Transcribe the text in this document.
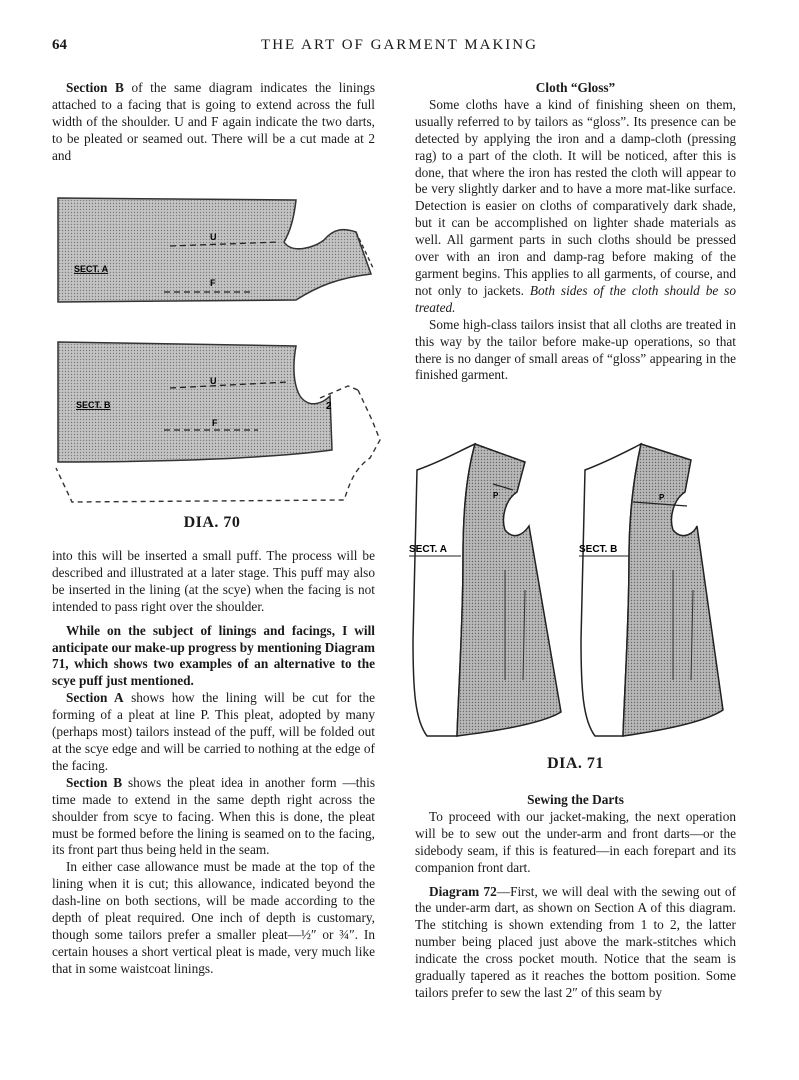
64	THE ART OF GARMENT MAKING

Section B of the same diagram indicates the linings attached to a facing that is going to extend across the full width of the shoulder. U and F again indicate the two darts, to be pleated or seamed out. There will be a cut made at 2 and

U
F
SECT. A
U
F
SECT. B	2
DIA. 70

into this will be inserted a small puff. The process will be described and illustrated at a later stage. This puff may also be inserted in the lining (at the scye) when the facing is not intended to pass right over the shoulder.

While on the subject of linings and facings, I will anticipate our make-up progress by mentioning Diagram 71, which shows two examples of an alternative to the scye puff just mentioned.

Section A shows how the lining will be cut for the forming of a pleat at line P. This pleat, adopted by many (perhaps most) tailors instead of the puff, will be folded out at the scye edge and will be carried to nothing at the edge of the facing.

Section B shows the pleat idea in another form —this time made to extend in the same depth right across the shoulder from scye to facing. When this is done, the pleat must be formed before the lining is seamed on to the facing, its front part thus being held in the seam.

In either case allowance must be made at the top of the lining when it is cut; this allowance, indicated beyond the dash-line on both sections, will be made according to the depth of pleat required. One inch of depth is customary, though some tailors prefer a smaller pleat—½″ or ¾″. In certain houses a short vertical pleat is made, very much like that in some waistcoat linings.

Cloth “Gloss”

Some cloths have a kind of finishing sheen on them, usually referred to by tailors as “gloss”. Its presence can be detected by applying the iron and a damp-cloth (pressing rag) to a part of the cloth. It will be noticed, after this is done, that where the iron has rested the cloth will appear to be very slightly darker and to have a more mat-like surface. Detection is easier on cloths of comparatively dark shade, but it can be accomplished on lighter shade materials as well. All garment parts in such cloths should be pressed over with an iron and damp-rag before making of the garment begins. This applies to all garments, of course, and not only to jackets. Both sides of the cloth should be so treated.

Some high-class tailors insist that all cloths are treated in this way by the tailor before make-up operations, so that there is no danger of small areas of “gloss” appearing in the finished garment.

P
SECT. A
P
SECT. B
DIA. 71

Sewing the Darts

To proceed with our jacket-making, the next operation will be to sew out the under-arm and front darts—or the sidebody seam, if this is featured—in each forepart and its companion front dart.

Diagram 72—First, we will deal with the sewing out of the under-arm dart, as shown on Section A of this diagram. The stitching is shown extending from 1 to 2, the latter number being placed just above the mark-stitches which indicate the cross pocket mouth. Notice that the seam is gradually tapered as it reaches the bottom position. Some tailors prefer to sew the last 2″ of this seam by
